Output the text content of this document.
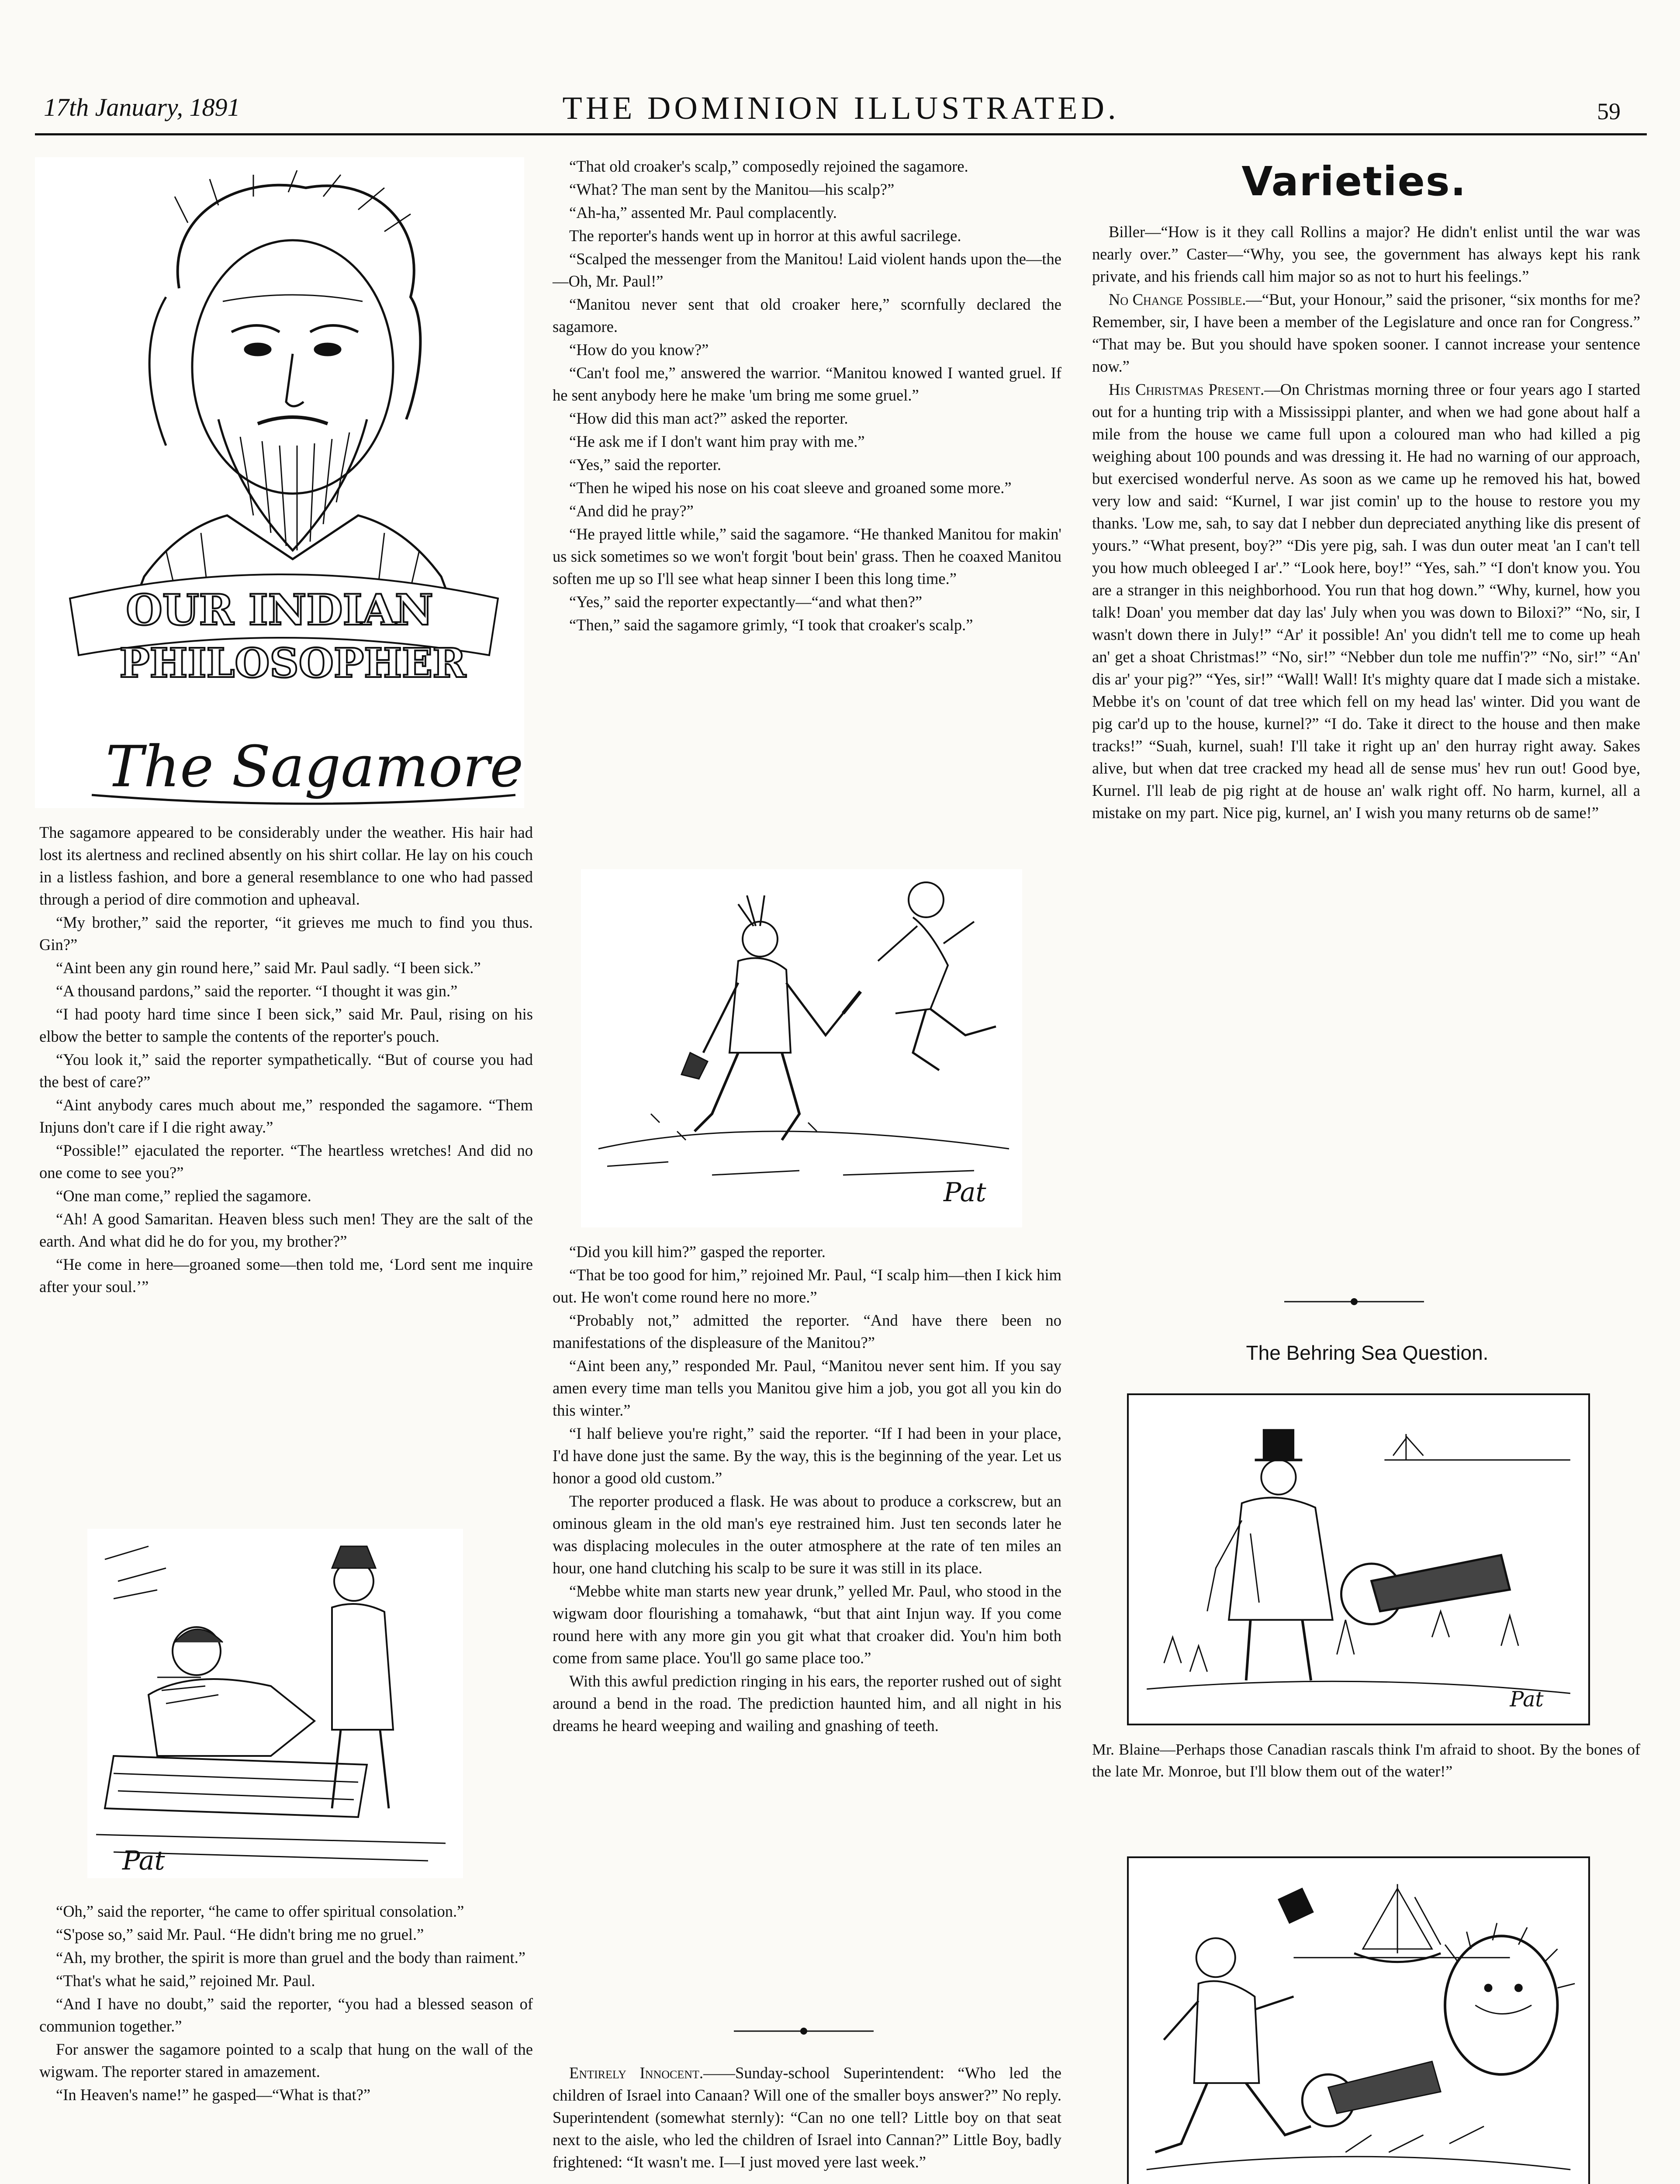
17th January, 1891	THE DOMINION ILLUSTRATED.	59
OUR INDIAN
PHILOSOPHER
The Sagamore

The sagamore appeared to be considerably under the weather. His hair had lost its alertness and reclined absently on his shirt collar. He lay on his couch in a listless fashion, and bore a general resemblance to one who had passed through a period of dire commotion and upheaval.

“My brother,” said the reporter, “it grieves me much to find you thus. Gin?”

“Aint been any gin round here,” said Mr. Paul sadly. “I been sick.”

“A thousand pardons,” said the reporter. “I thought it was gin.”

“I had pooty hard time since I been sick,” said Mr. Paul, rising on his elbow the better to sample the contents of the reporter's pouch.

“You look it,” said the reporter sympathetically. “But of course you had the best of care?”

“Aint anybody cares much about me,” responded the sagamore. “Them Injuns don't care if I die right away.”

“Possible!” ejaculated the reporter. “The heartless wretches! And did no one come to see you?”

“One man come,” replied the sagamore.

“Ah! A good Samaritan. Heaven bless such men! They are the salt of the earth. And what did he do for you, my brother?”

“He come in here—groaned some—then told me, ‘Lord sent me inquire after your soul.’”

Pat

“Oh,” said the reporter, “he came to offer spiritual consolation.”

“S'pose so,” said Mr. Paul. “He didn't bring me no gruel.”

“Ah, my brother, the spirit is more than gruel and the body than raiment.”

“That's what he said,” rejoined Mr. Paul.

“And I have no doubt,” said the reporter, “you had a blessed season of communion together.”

For answer the sagamore pointed to a scalp that hung on the wall of the wigwam. The reporter stared in amazement.

“In Heaven's name!” he gasped—“What is that?”

“That old croaker's scalp,” composedly rejoined the sagamore.

“What? The man sent by the Manitou—his scalp?”

“Ah-ha,” assented Mr. Paul complacently.

The reporter's hands went up in horror at this awful sacrilege.

“Scalped the messenger from the Manitou! Laid violent hands upon the—the—Oh, Mr. Paul!”

“Manitou never sent that old croaker here,” scornfully declared the sagamore.

“How do you know?”

“Can't fool me,” answered the warrior. “Manitou knowed I wanted gruel. If he sent anybody here he make 'um bring me some gruel.”

“How did this man act?” asked the reporter.

“He ask me if I don't want him pray with me.”

“Yes,” said the reporter.

“Then he wiped his nose on his coat sleeve and groaned some more.”

“And did he pray?”

“He prayed little while,” said the sagamore. “He thanked Manitou for makin' us sick sometimes so we won't forgit 'bout bein' grass. Then he coaxed Manitou soften me up so I'll see what heap sinner I been this long time.”

“Yes,” said the reporter expectantly—“and what then?”

“Then,” said the sagamore grimly, “I took that croaker's scalp.”

Pat

“Did you kill him?” gasped the reporter.

“That be too good for him,” rejoined Mr. Paul, “I scalp him—then I kick him out. He won't come round here no more.”

“Probably not,” admitted the reporter. “And have there been no manifestations of the displeasure of the Manitou?”

“Aint been any,” responded Mr. Paul, “Manitou never sent him. If you say amen every time man tells you Manitou give him a job, you got all you kin do this winter.”

“I half believe you're right,” said the reporter. “If I had been in your place, I'd have done just the same. By the way, this is the beginning of the year. Let us honor a good old custom.”

The reporter produced a flask. He was about to produce a corkscrew, but an ominous gleam in the old man's eye restrained him. Just ten seconds later he was displacing molecules in the outer atmosphere at the rate of ten miles an hour, one hand clutching his scalp to be sure it was still in its place.

“Mebbe white man starts new year drunk,” yelled Mr. Paul, who stood in the wigwam door flourishing a tomahawk, “but that aint Injun way. If you come round here with any more gin you git what that croaker did. You'n him both come from same place. You'll go same place too.”

With this awful prediction ringing in his ears, the reporter rushed out of sight around a bend in the road. The prediction haunted him, and all night in his dreams he heard weeping and wailing and gnashing of teeth.

Entirely Innocent.——Sunday-school Superintendent: “Who led the children of Israel into Canaan? Will one of the smaller boys answer?” No reply. Superintendent (somewhat sternly): “Can no one tell? Little boy on that seat next to the aisle, who led the children of Israel into Cannan?” Little Boy, badly frightened: “It wasn't me. I—I just moved yere last week.”

Varieties.

Biller—“How is it they call Rollins a major? He didn't enlist until the war was nearly over.” Caster—“Why, you see, the government has always kept his rank private, and his friends call him major so as not to hurt his feelings.”

No Change Possible.—“But, your Honour,” said the prisoner, “six months for me? Remember, sir, I have been a member of the Legislature and once ran for Congress.” “That may be. But you should have spoken sooner. I cannot increase your sentence now.”

His Christmas Present.—On Christmas morning three or four years ago I started out for a hunting trip with a Mississippi planter, and when we had gone about half a mile from the house we came full upon a coloured man who had killed a pig weighing about 100 pounds and was dressing it. He had no warning of our approach, but exercised wonderful nerve. As soon as we came up he removed his hat, bowed very low and said: “Kurnel, I war jist comin' up to the house to restore you my thanks. 'Low me, sah, to say dat I nebber dun depreciated anything like dis present of yours.” “What present, boy?” “Dis yere pig, sah. I was dun outer meat 'an I can't tell you how much obleeged I ar'.” “Look here, boy!” “Yes, sah.” “I don't know you. You are a stranger in this neighborhood. You run that hog down.” “Why, kurnel, how you talk! Doan' you member dat day las' July when you was down to Biloxi?” “No, sir, I wasn't down there in July!” “Ar' it possible! An' you didn't tell me to come up heah an' get a shoat Christmas!” “No, sir!” “Nebber dun tole me nuffin'?” “No, sir!” “An' dis ar' your pig?” “Yes, sir!” “Wall! Wall! It's mighty quare dat I made sich a mistake. Mebbe it's on 'count of dat tree which fell on my head las' winter. Did you want de pig car'd up to the house, kurnel?” “I do. Take it direct to the house and then make tracks!” “Suah, kurnel, suah! I'll take it right up an' den hurray right away. Sakes alive, but when dat tree cracked my head all de sense mus' hev run out! Good bye, Kurnel. I'll leab de pig right at de house an' walk right off. No harm, kurnel, all a mistake on my part. Nice pig, kurnel, an' I wish you many returns ob de same!”

The Behring Sea Question.
Pat
Mr. Blaine—Perhaps those Canadian rascals think I'm afraid to shoot. By the bones of the late Mr. Monroe, but I'll blow them out of the water!”
